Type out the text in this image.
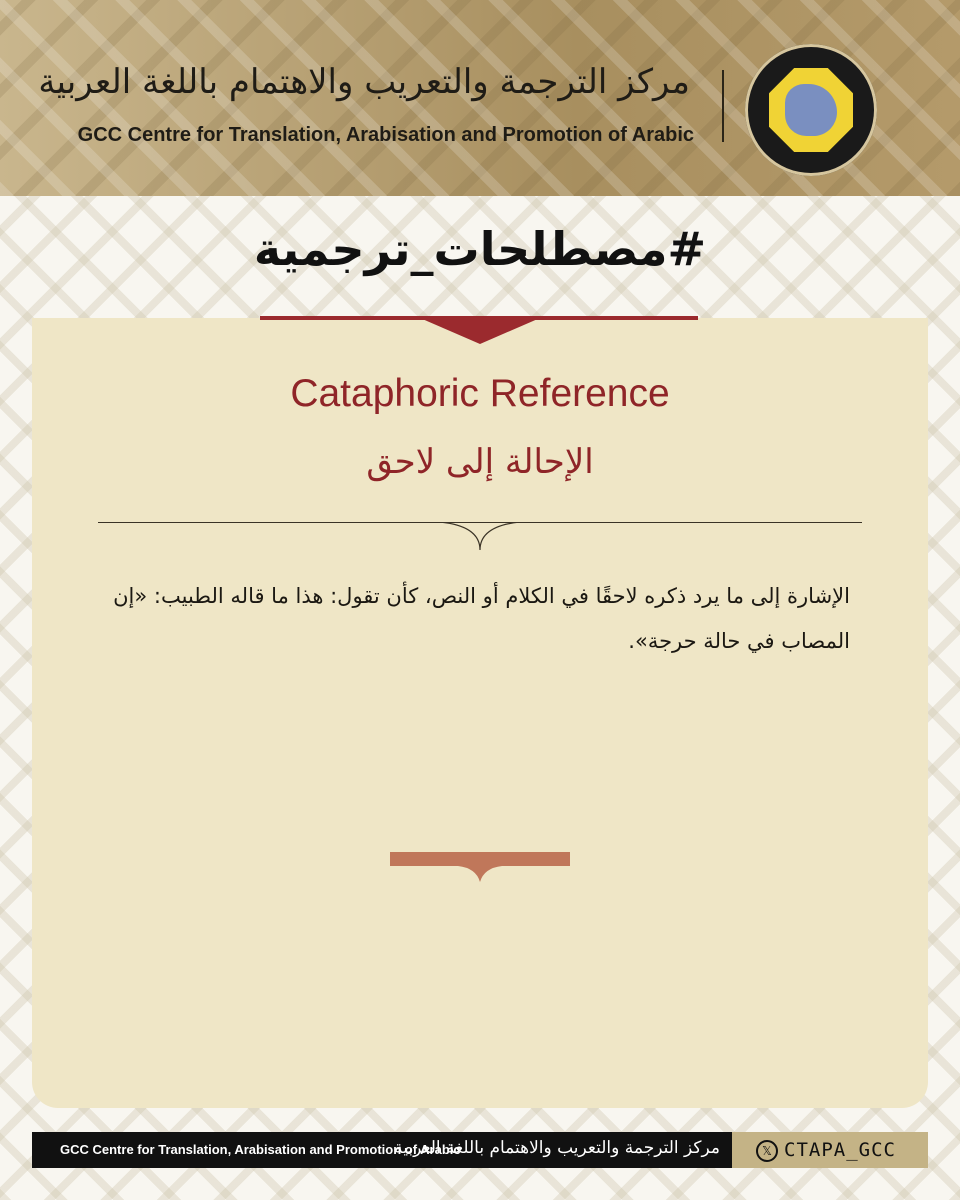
مركز الترجمة والتعريب والاهتمام باللغة العربية
GCC Centre for Translation, Arabisation and Promotion of Arabic
#مصطلحات_ترجمية
Cataphoric Reference
الإحالة إلى لاحق
الإشارة إلى ما يرد ذكره لاحقًا في الكلام أو النص، كأن تقول: هذا ما قاله الطبيب: «إن المصاب في حالة حرجة».
GCC Centre for Translation, Arabisation and Promotion of Arabic
مركز الترجمة والتعريب والاهتمام باللغة العربية	𝕏 CTAPA_GCC
